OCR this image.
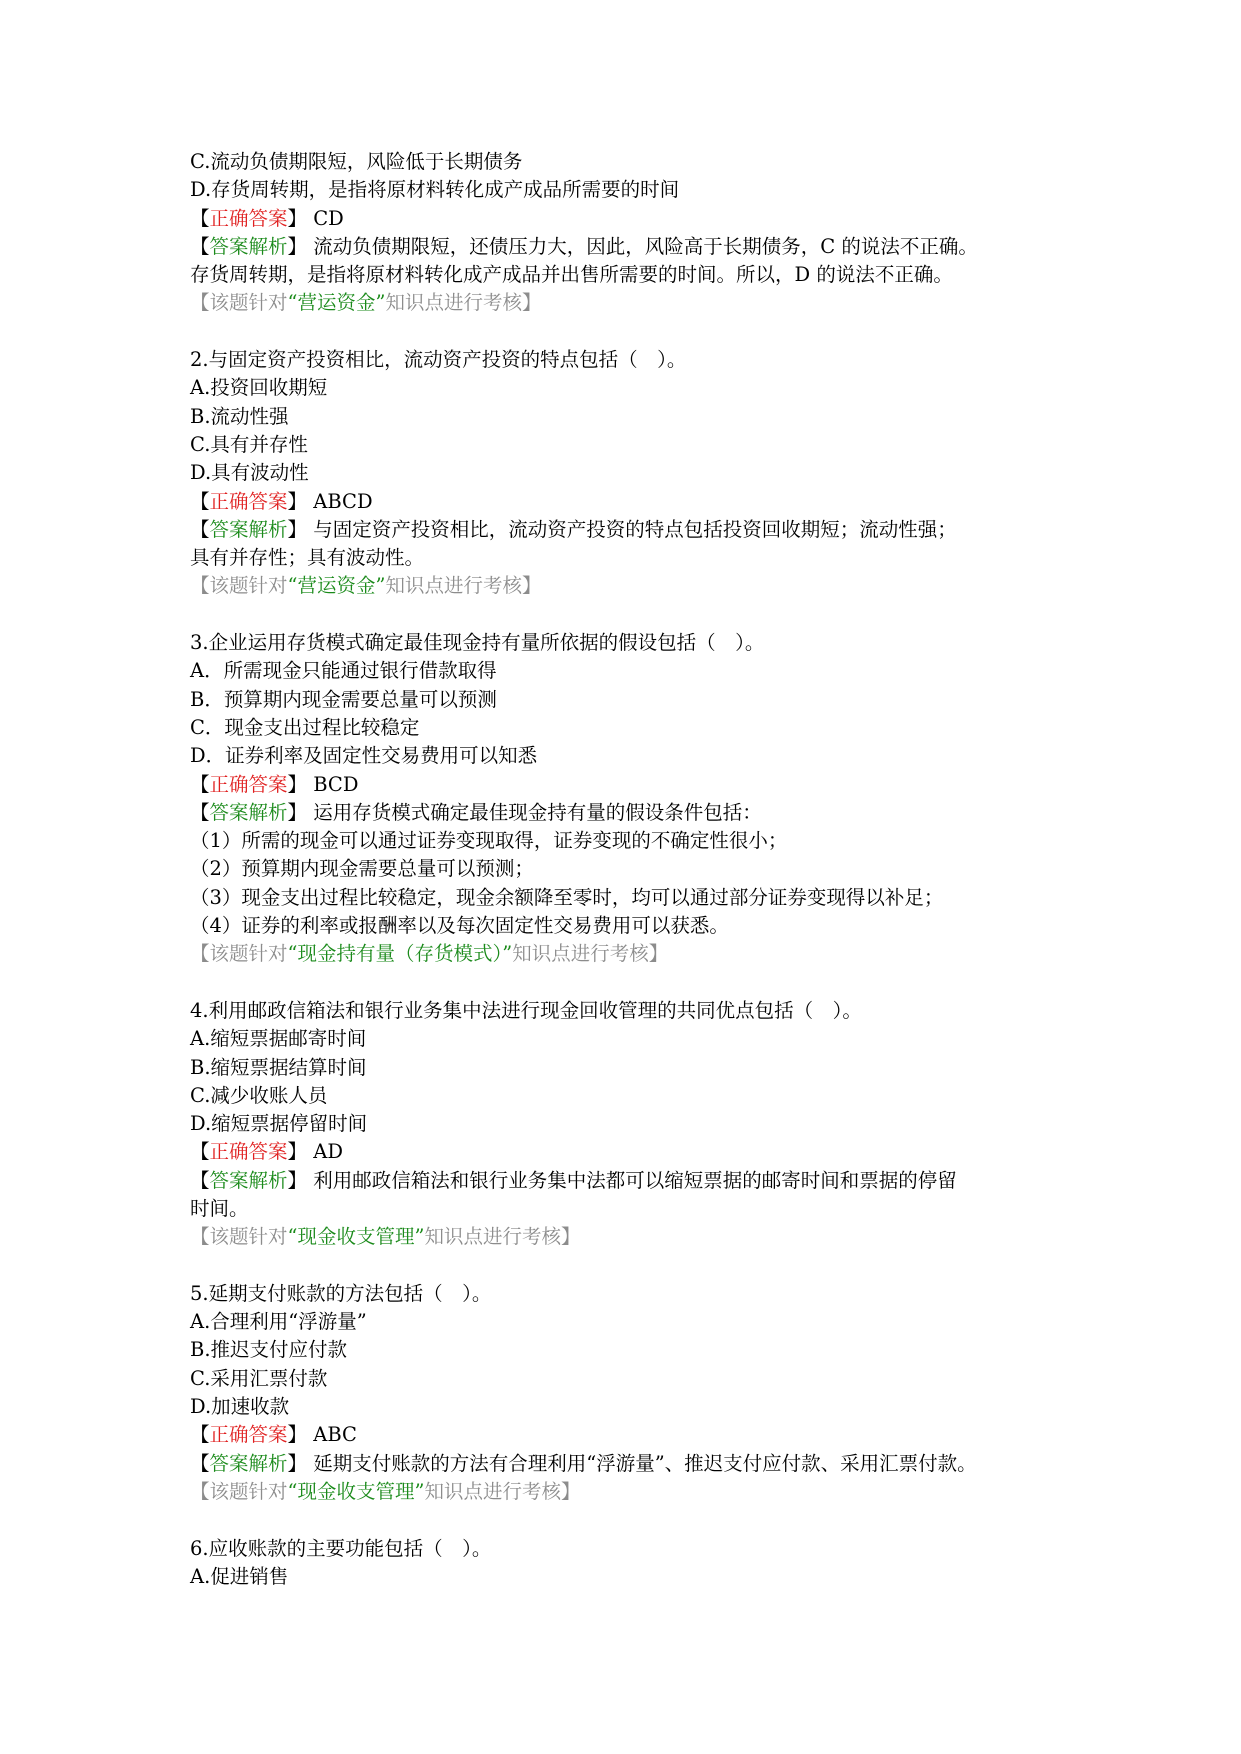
C.流动负债期限短，风险低于长期债务
D.存货周转期，是指将原材料转化成产成品所需要的时间
【正确答案】 CD
【答案解析】 流动负债期限短，还债压力大，因此，风险高于长期债务，C 的说法不正确。
存货周转期，是指将原材料转化成产成品并出售所需要的时间。所以，D 的说法不正确。
【该题针对“营运资金”知识点进行考核】
2.与固定资产投资相比，流动资产投资的特点包括（　）。
A.投资回收期短
B.流动性强
C.具有并存性
D.具有波动性
【正确答案】 ABCD
【答案解析】 与固定资产投资相比，流动资产投资的特点包括投资回收期短；流动性强；
具有并存性；具有波动性。
【该题针对“营运资金”知识点进行考核】
3.企业运用存货模式确定最佳现金持有量所依据的假设包括（　）。
A．所需现金只能通过银行借款取得
B．预算期内现金需要总量可以预测
C．现金支出过程比较稳定
D．证券利率及固定性交易费用可以知悉
【正确答案】 BCD
【答案解析】 运用存货模式确定最佳现金持有量的假设条件包括：
（1）所需的现金可以通过证券变现取得，证券变现的不确定性很小；
（2）预算期内现金需要总量可以预测；
（3）现金支出过程比较稳定，现金余额降至零时，均可以通过部分证券变现得以补足；
（4）证券的利率或报酬率以及每次固定性交易费用可以获悉。
【该题针对“现金持有量（存货模式）”知识点进行考核】
4.利用邮政信箱法和银行业务集中法进行现金回收管理的共同优点包括（　）。
A.缩短票据邮寄时间
B.缩短票据结算时间
C.减少收账人员
D.缩短票据停留时间
【正确答案】 AD
【答案解析】 利用邮政信箱法和银行业务集中法都可以缩短票据的邮寄时间和票据的停留
时间。
【该题针对“现金收支管理”知识点进行考核】
5.延期支付账款的方法包括（　）。
A.合理利用“浮游量”
B.推迟支付应付款
C.采用汇票付款
D.加速收款
【正确答案】 ABC
【答案解析】 延期支付账款的方法有合理利用“浮游量”、推迟支付应付款、采用汇票付款。
【该题针对“现金收支管理”知识点进行考核】
6.应收账款的主要功能包括（　）。
A.促进销售
